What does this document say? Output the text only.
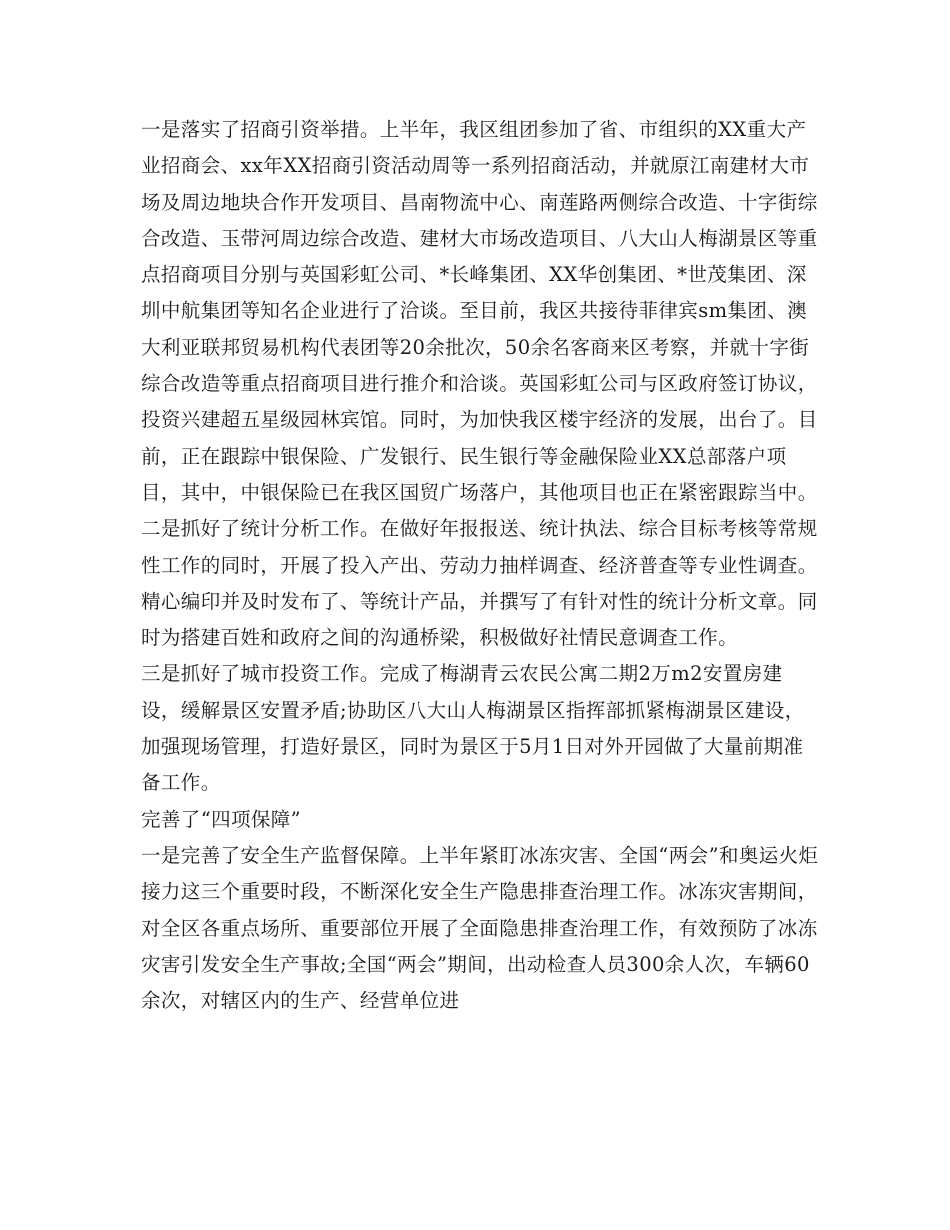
一是落实了招商引资举措。上半年，我区组团参加了省、市组织的XX重大产业招商会、xx年XX招商引资活动周等一系列招商活动，并就原江南建材大市场及周边地块合作开发项目、昌南物流中心、南莲路两侧综合改造、十字街综合改造、玉带河周边综合改造、建材大市场改造项目、八大山人梅湖景区等重点招商项目分别与英国彩虹公司、*长峰集团、XX华创集团、*世茂集团、深圳中航集团等知名企业进行了洽谈。至目前，我区共接待菲律宾sm集团、澳大利亚联邦贸易机构代表团等20余批次，50余名客商来区考察，并就十字街综合改造等重点招商项目进行推介和洽谈。英国彩虹公司与区政府签订协议，投资兴建超五星级园林宾馆。同时，为加快我区楼宇经济的发展，出台了。目前，正在跟踪中银保险、广发银行、民生银行等金融保险业XX总部落户项目，其中，中银保险已在我区国贸广场落户，其他项目也正在紧密跟踪当中。

二是抓好了统计分析工作。在做好年报报送、统计执法、综合目标考核等常规性工作的同时，开展了投入产出、劳动力抽样调查、经济普查等专业性调查。精心编印并及时发布了、等统计产品，并撰写了有针对性的统计分析文章。同时为搭建百姓和政府之间的沟通桥梁，积极做好社情民意调查工作。

三是抓好了城市投资工作。完成了梅湖青云农民公寓二期2万m2安置房建设，缓解景区安置矛盾;协助区八大山人梅湖景区指挥部抓紧梅湖景区建设，加强现场管理，打造好景区，同时为景区于5月1日对外开园做了大量前期准备工作。

完善了“四项保障”

一是完善了安全生产监督保障。上半年紧盯冰冻灾害、全国“两会”和奥运火炬接力这三个重要时段，不断深化安全生产隐患排查治理工作。冰冻灾害期间，对全区各重点场所、重要部位开展了全面隐患排查治理工作，有效预防了冰冻灾害引发安全生产事故;全国“两会”期间，出动检查人员300余人次，车辆60余次，对辖区内的生产、经营单位进
